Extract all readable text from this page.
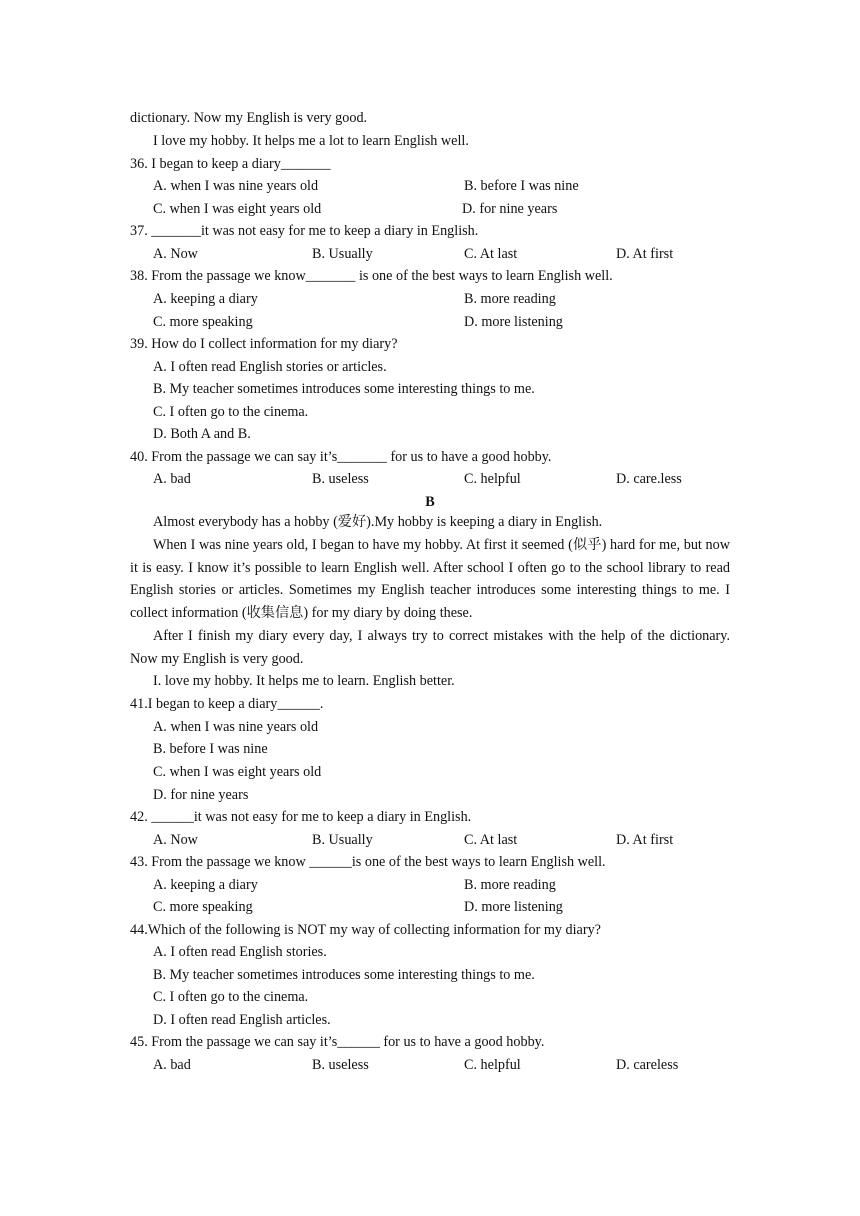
dictionary. Now my English is very good.
I love my hobby. It helps me a lot to learn English well.
36. I began to keep a diary_______
A. when I was nine years old	B. before I was nine
C. when I was eight years old	D. for nine years
37. _______it was not easy for me to keep a diary in English.
A. Now	B. Usually	C. At last	D. At first
38. From the passage we know_______ is one of the best ways to learn English well.
A. keeping a diary	B. more reading
C. more speaking	D. more listening
39. How do I collect information for my diary?
A. I often read English stories or articles.
B. My teacher sometimes introduces some interesting things to me.
C. I often go to the cinema.
D. Both A and B.
40. From the passage we can say it’s_______ for us to have a good hobby.
A. bad	B. useless	C. helpful	D. care.less
B
Almost everybody has a hobby (爱好).My hobby is keeping a diary in English.
When I was nine years old, I began to have my hobby. At first it seemed (似乎) hard for me, but now it is easy. I know it’s possible to learn English well. After school I often go to the school library to read English stories or articles. Sometimes my English teacher introduces some interesting things to me. I collect information (收集信息) for my diary by doing these.
After I finish my diary every day, I always try to correct mistakes with the help of the dictionary. Now my English is very good.
I. love my hobby. It helps me to learn. English better.
41.I began to keep a diary______.
A. when I was nine years old
B. before I was nine
C. when I was eight years old
D. for nine years
42. ______it was not easy for me to keep a diary in English.
A. Now	B. Usually	C. At last	D. At first
43. From the passage we know ______is one of the best ways to learn English well.
A. keeping a diary	B. more reading
C. more speaking	D. more listening
44.Which of the following is NOT my way of collecting information for my diary?
A. I often read English stories.
B. My teacher sometimes introduces some interesting things to me.
C. I often go to the cinema.
D. I often read English articles.
45. From the passage we can say it’s______ for us to have a good hobby.
A. bad	B. useless	C. helpful	D. careless
